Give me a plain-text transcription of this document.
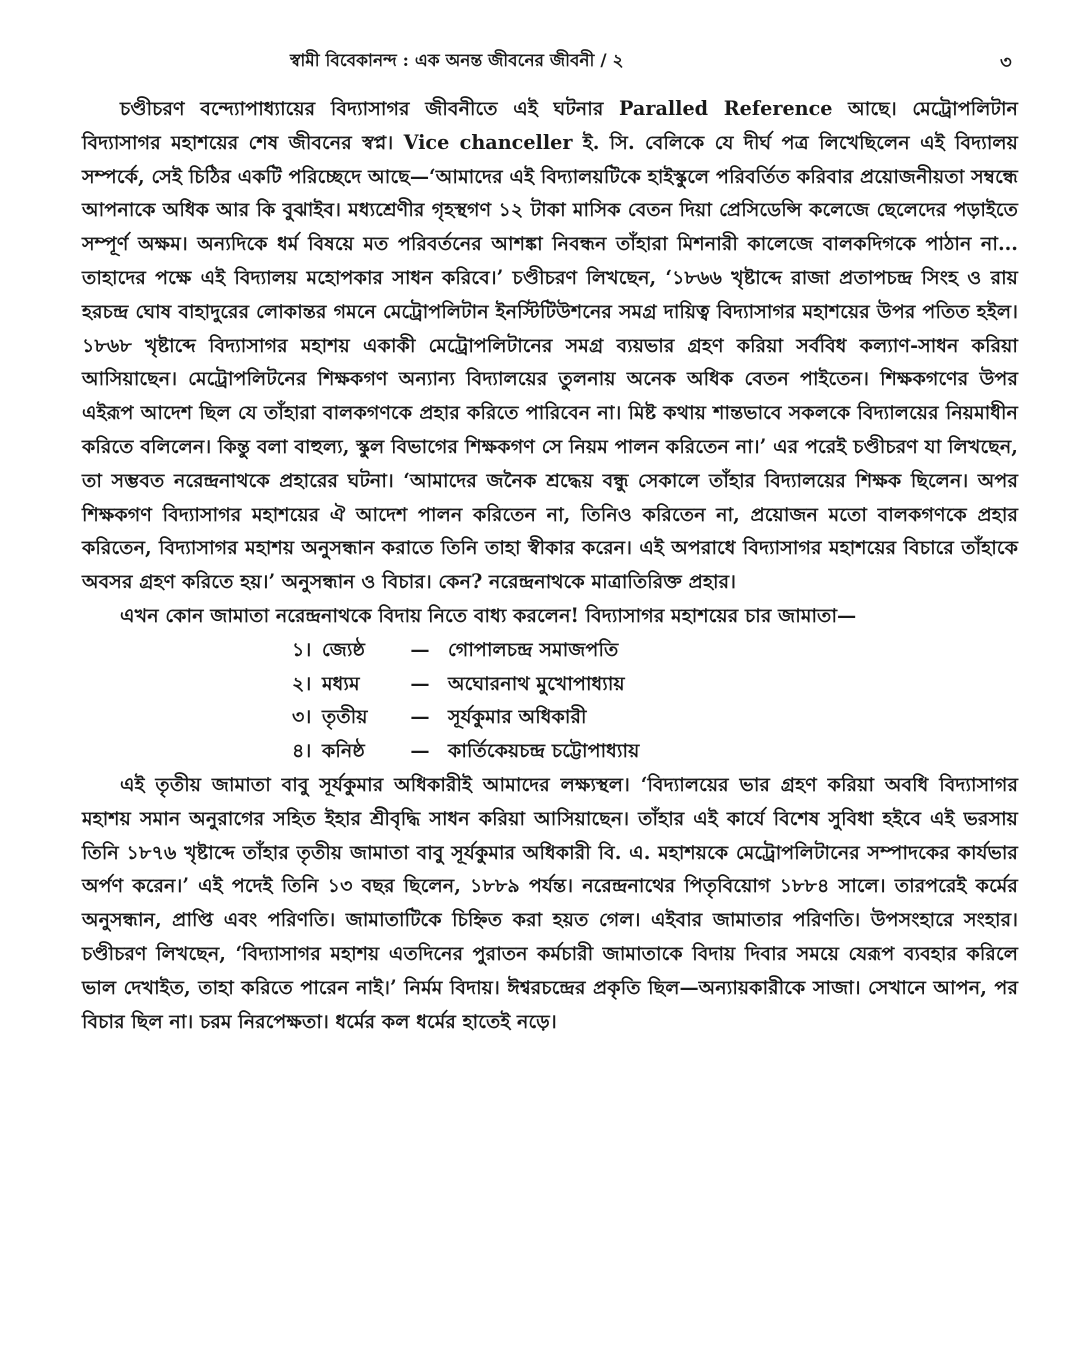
স্বামী বিবেকানন্দ : এক অনন্ত জীবনের জীবনী / ২	৩

চণ্ডীচরণ বন্দ্যোপাধ্যায়ের বিদ্যাসাগর জীবনীতে এই ঘটনার Paralled Reference আছে। মেট্রোপলিটান বিদ্যাসাগর মহাশয়ের শেষ জীবনের স্বপ্ন। Vice chanceller ই. সি. বেলিকে যে দীর্ঘ পত্র লিখেছিলেন এই বিদ্যালয় সম্পর্কে, সেই চিঠির একটি পরিচ্ছেদে আছে—‘আমাদের এই বিদ্যালয়টিকে হাইস্কুলে পরিবর্তিত করিবার প্রয়োজনীয়তা সম্বন্ধে আপনাকে অধিক আর কি বুঝাইব। মধ্যশ্রেণীর গৃহস্থগণ ১২ টাকা মাসিক বেতন দিয়া প্রেসিডেন্সি কলেজে ছেলেদের পড়াইতে সম্পূর্ণ অক্ষম। অন্যদিকে ধর্ম বিষয়ে মত পরিবর্তনের আশঙ্কা নিবন্ধন তাঁহারা মিশনারী কালেজে বালকদিগকে পাঠান না... তাহাদের পক্ষে এই বিদ্যালয় মহোপকার সাধন করিবে।’ চণ্ডীচরণ লিখছেন, ‘১৮৬৬ খৃষ্টাব্দে রাজা প্রতাপচন্দ্র সিংহ ও রায় হরচন্দ্র ঘোষ বাহাদুরের লোকান্তর গমনে মেট্রোপলিটান ইনস্টিটিউশনের সমগ্র দায়িত্ব বিদ্যাসাগর মহাশয়ের উপর পতিত হইল। ১৮৬৮ খৃষ্টাব্দে বিদ্যাসাগর মহাশয় একাকী মেট্রোপলিটানের সমগ্র ব্যয়ভার গ্রহণ করিয়া সর্ববিধ কল্যাণ-সাধন করিয়া আসিয়াছেন। মেট্রোপলিটনের শিক্ষকগণ অন্যান্য বিদ্যালয়ের তুলনায় অনেক অধিক বেতন পাইতেন। শিক্ষকগণের উপর এইরূপ আদেশ ছিল যে তাঁহারা বালকগণকে প্রহার করিতে পারিবেন না। মিষ্ট কথায় শান্তভাবে সকলকে বিদ্যালয়ের নিয়মাধীন করিতে বলিলেন। কিন্তু বলা বাহুল্য, স্কুল বিভাগের শিক্ষকগণ সে নিয়ম পালন করিতেন না।’ এর পরেই চণ্ডীচরণ যা লিখছেন, তা সম্ভবত নরেন্দ্রনাথকে প্রহারের ঘটনা। ‘আমাদের জনৈক শ্রদ্ধেয় বন্ধু সেকালে তাঁহার বিদ্যালয়ের শিক্ষক ছিলেন। অপর শিক্ষকগণ বিদ্যাসাগর মহাশয়ের ঐ আদেশ পালন করিতেন না, তিনিও করিতেন না, প্রয়োজন মতো বালকগণকে প্রহার করিতেন, বিদ্যাসাগর মহাশয় অনুসন্ধান করাতে তিনি তাহা স্বীকার করেন। এই অপরাধে বিদ্যাসাগর মহাশয়ের বিচারে তাঁহাকে অবসর গ্রহণ করিতে হয়।’ অনুসন্ধান ও বিচার। কেন? নরেন্দ্রনাথকে মাত্রাতিরিক্ত প্রহার।

এখন কোন জামাতা নরেন্দ্রনাথকে বিদায় নিতে বাধ্য করলেন! বিদ্যাসাগর মহাশয়ের চার জামাতা—

১। জ্যেষ্ঠ	— গোপালচন্দ্র সমাজপতি
২। মধ্যম	— অঘোরনাথ মুখোপাধ্যায়
৩। তৃতীয়	— সূর্যকুমার অধিকারী
৪। কনিষ্ঠ	— কার্তিকেয়চন্দ্র চট্টোপাধ্যায়

এই তৃতীয় জামাতা বাবু সূর্যকুমার অধিকারীই আমাদের লক্ষ্যস্থল। ‘বিদ্যালয়ের ভার গ্রহণ করিয়া অবধি বিদ্যাসাগর মহাশয় সমান অনুরাগের সহিত ইহার শ্রীবৃদ্ধি সাধন করিয়া আসিয়াছেন। তাঁহার এই কার্যে বিশেষ সুবিধা হইবে এই ভরসায় তিনি ১৮৭৬ খৃষ্টাব্দে তাঁহার তৃতীয় জামাতা বাবু সূর্যকুমার অধিকারী বি. এ. মহাশয়কে মেট্রোপলিটানের সম্পাদকের কার্যভার অর্পণ করেন।’ এই পদেই তিনি ১৩ বছর ছিলেন, ১৮৮৯ পর্যন্ত। নরেন্দ্রনাথের পিতৃবিয়োগ ১৮৮৪ সালে। তারপরেই কর্মের অনুসন্ধান, প্রাপ্তি এবং পরিণতি। জামাতাটিকে চিহ্নিত করা হয়ত গেল। এইবার জামাতার পরিণতি। উপসংহারে সংহার। চণ্ডীচরণ লিখছেন, ‘বিদ্যাসাগর মহাশয় এতদিনের পুরাতন কর্মচারী জামাতাকে বিদায় দিবার সময়ে যেরূপ ব্যবহার করিলে ভাল দেখাইত, তাহা করিতে পারেন নাই।’ নির্মম বিদায়। ঈশ্বরচন্দ্রের প্রকৃতি ছিল—অন্যায়কারীকে সাজা। সেখানে আপন, পর বিচার ছিল না। চরম নিরপেক্ষতা। ধর্মের কল ধর্মের হাতেই নড়ে।
